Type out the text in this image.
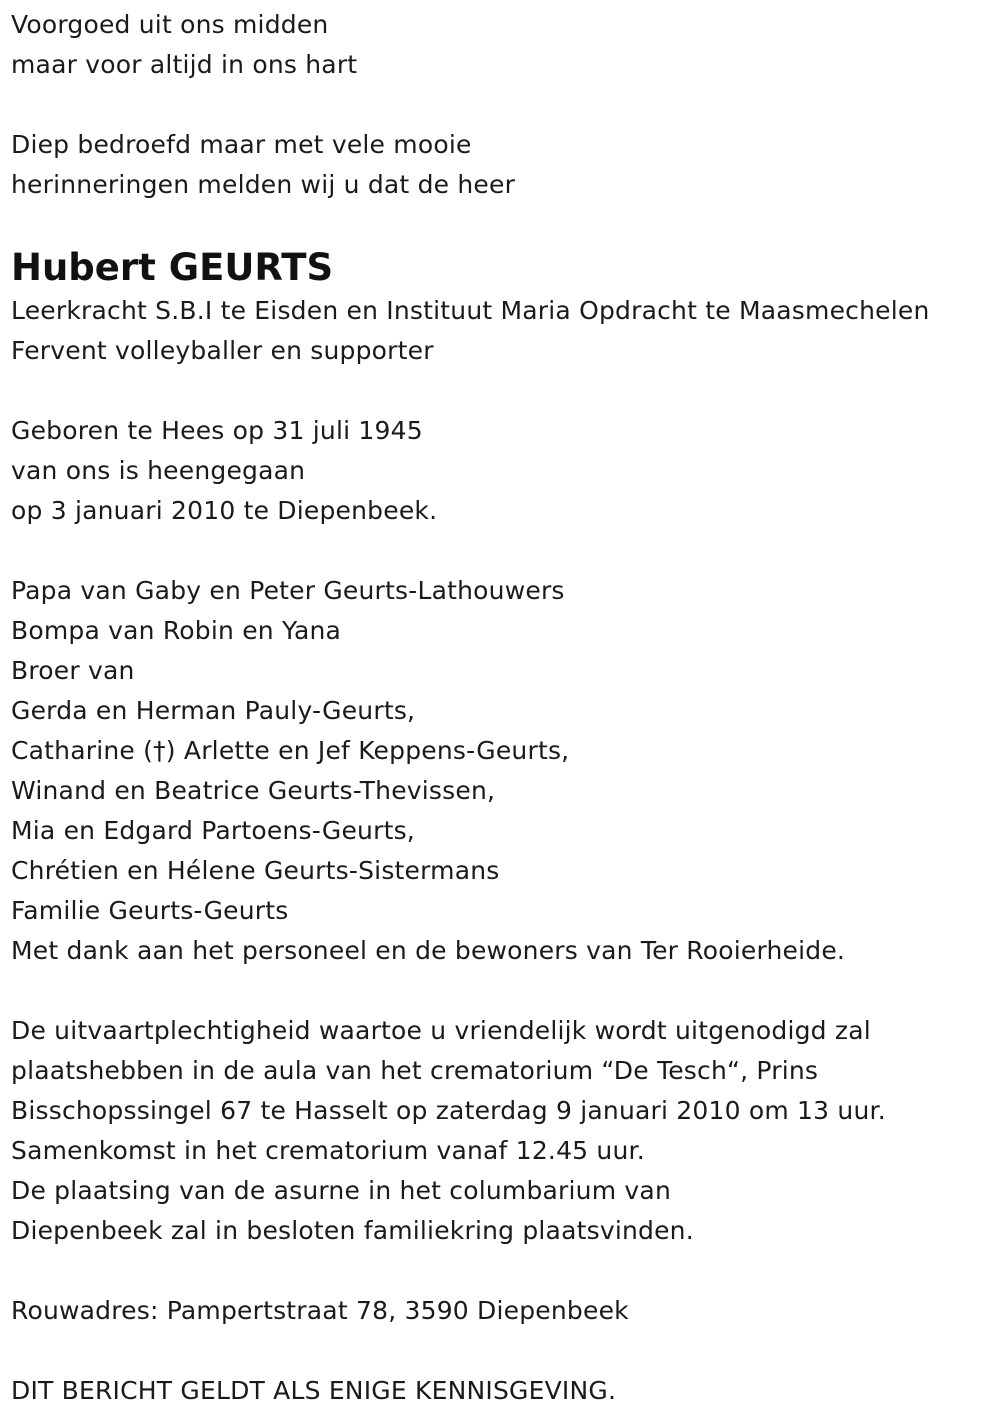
Voorgoed uit ons midden
maar voor altijd in ons hart
Diep bedroefd maar met vele mooie
herinneringen melden wij u dat de heer
Hubert GEURTS
Leerkracht S.B.I te Eisden en Instituut Maria Opdracht te Maasmechelen
Fervent volleyballer en supporter
Geboren te Hees op 31 juli 1945
van ons is heengegaan
op 3 januari 2010 te Diepenbeek.
Papa van Gaby en Peter Geurts-Lathouwers
Bompa van Robin en Yana
Broer van
Gerda en Herman Pauly-Geurts,
Catharine (†) Arlette en Jef Keppens-Geurts,
Winand en Beatrice Geurts-Thevissen,
Mia en Edgard Partoens-Geurts,
Chrétien en Hélene Geurts-Sistermans
Familie Geurts-Geurts
Met dank aan het personeel en de bewoners van Ter Rooierheide.
De uitvaartplechtigheid waartoe u vriendelijk wordt uitgenodigd zal
plaatshebben in de aula van het crematorium “De Tesch“, Prins
Bisschopssingel 67 te Hasselt op zaterdag 9 januari 2010 om 13 uur.
Samenkomst in het crematorium vanaf 12.45 uur.
De plaatsing van de asurne in het columbarium van
Diepenbeek zal in besloten familiekring plaatsvinden.
Rouwadres: Pampertstraat 78, 3590 Diepenbeek
DIT BERICHT GELDT ALS ENIGE KENNISGEVING.
